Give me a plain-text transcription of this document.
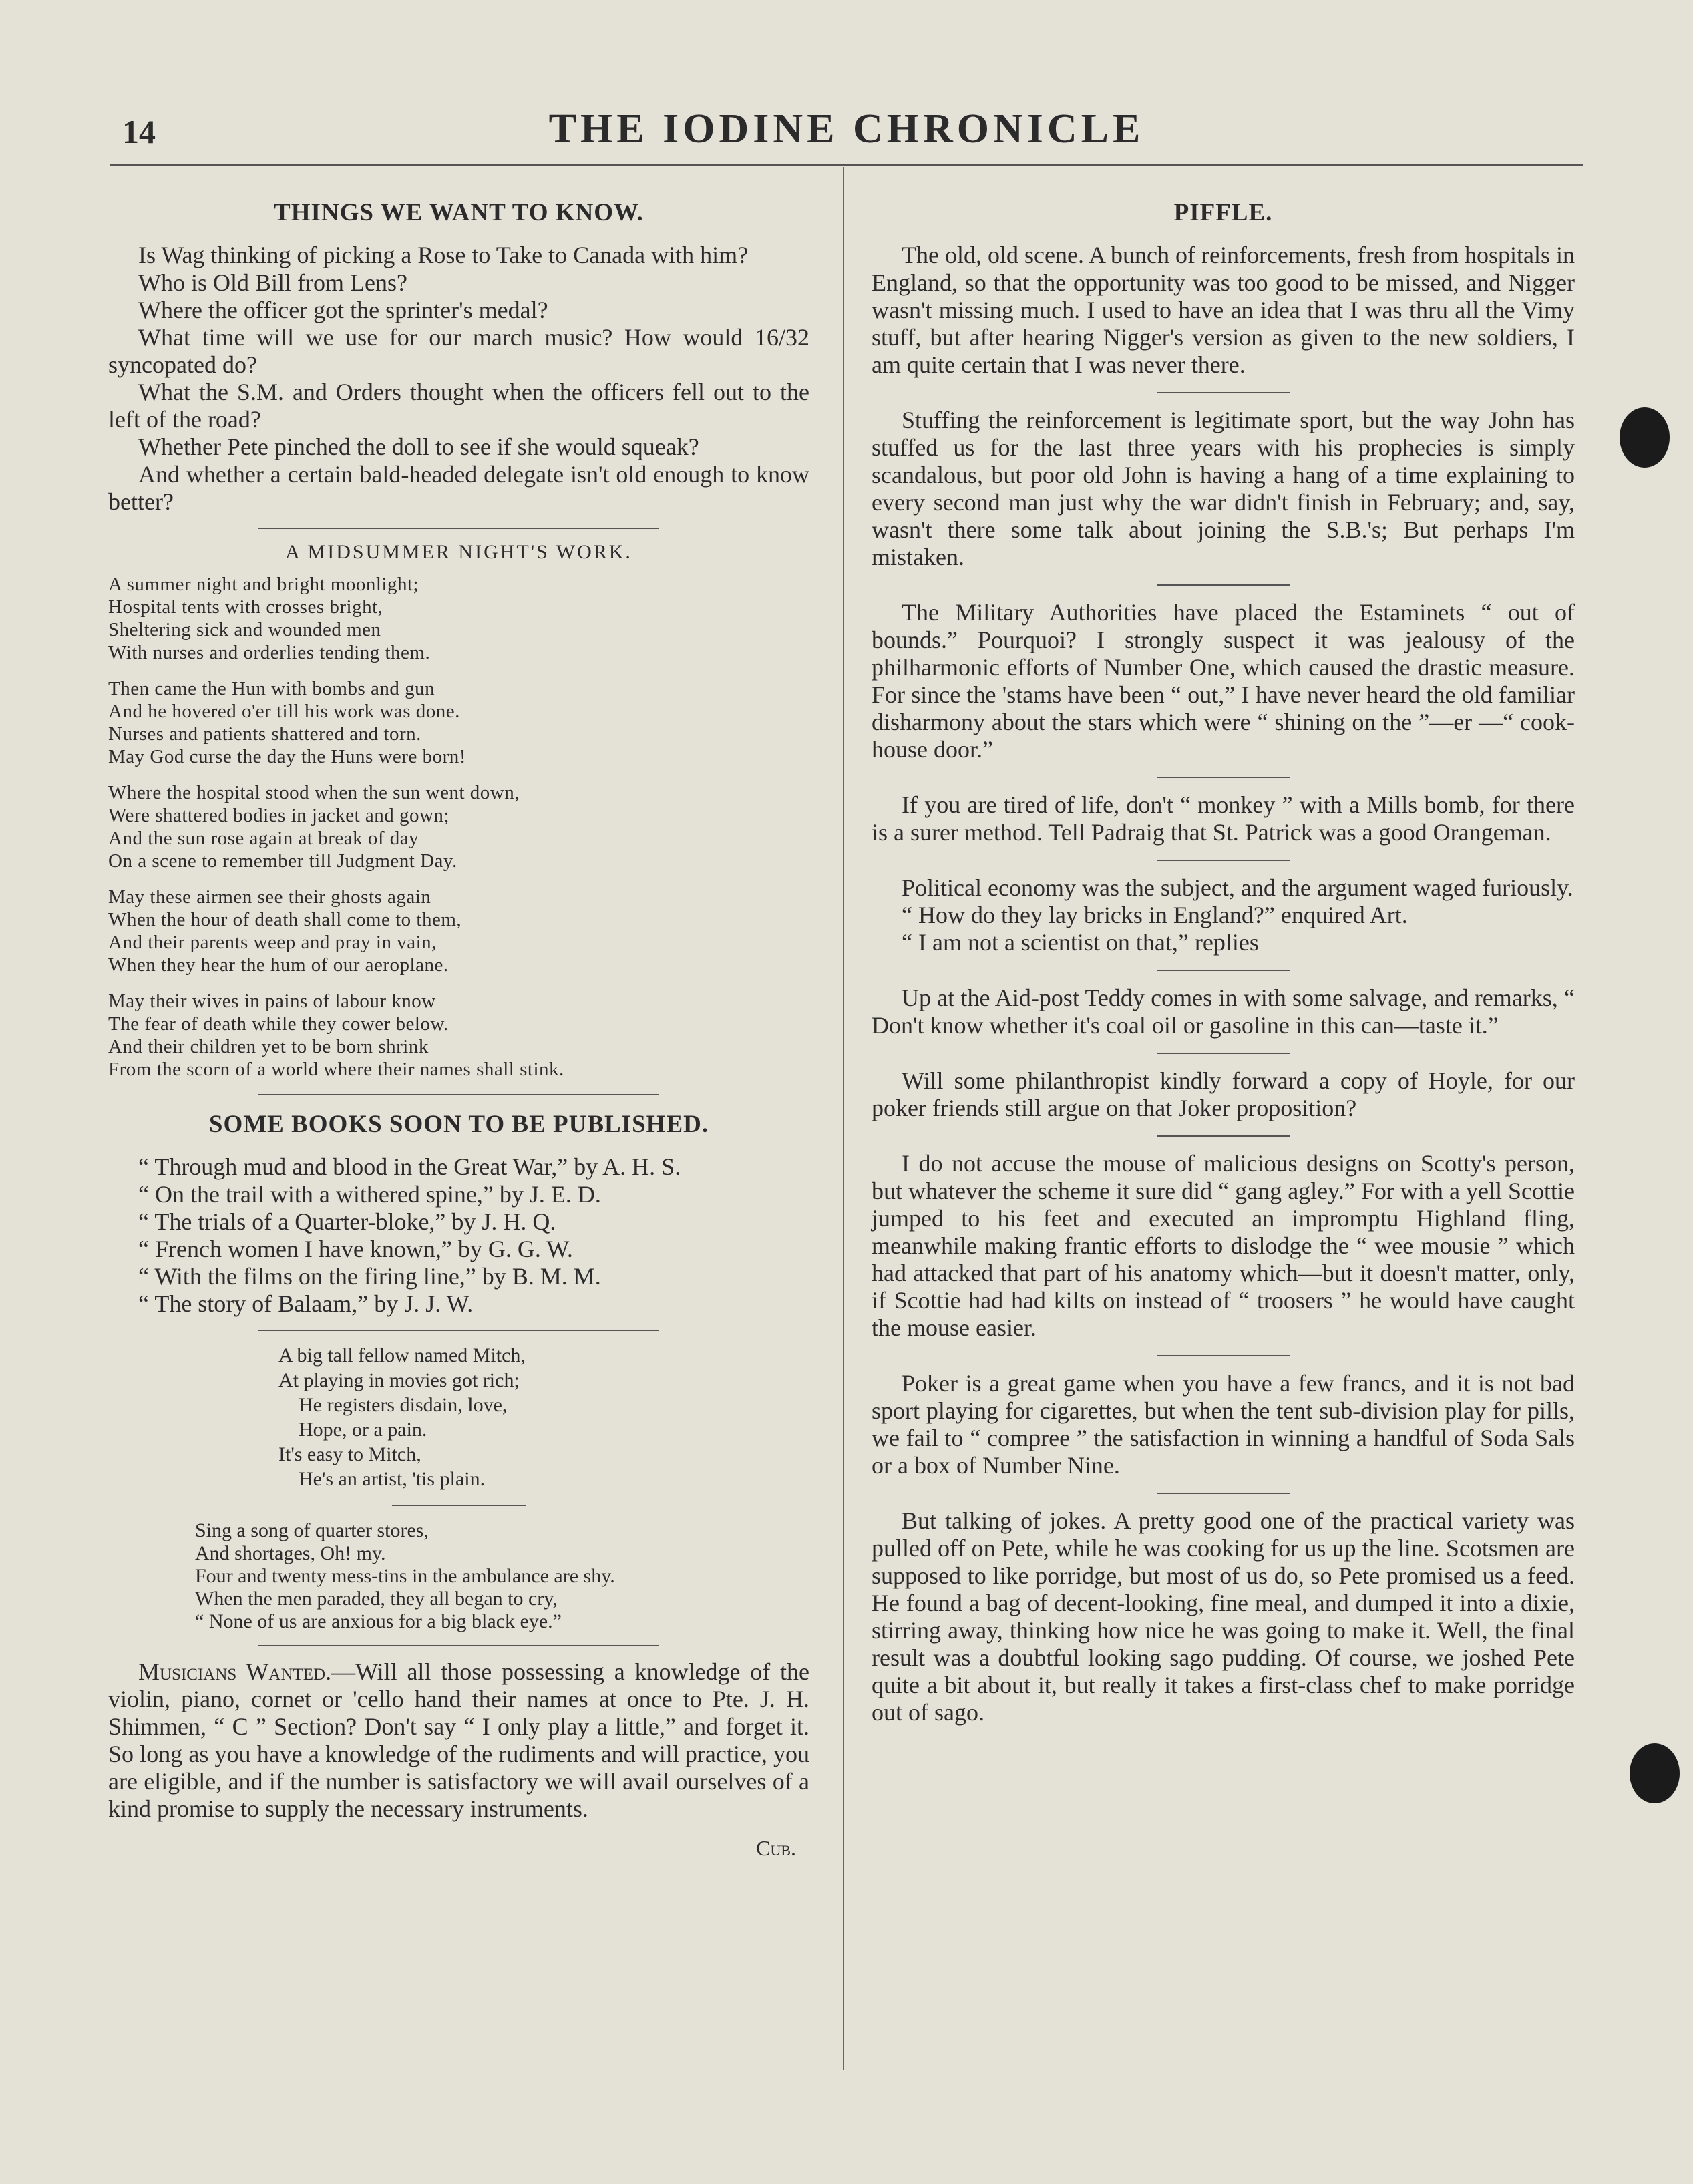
14	THE IODINE CHRONICLE
THINGS WE WANT TO KNOW.

Is Wag thinking of picking a Rose to Take to Canada with him?

Who is Old Bill from Lens?

Where the officer got the sprinter's medal?

What time will we use for our march music? How would 16/32 syncopated do?

What the S.M. and Orders thought when the officers fell out to the left of the road?

Whether Pete pinched the doll to see if she would squeak?

And whether a certain bald-headed delegate isn't old enough to know better?

A MIDSUMMER NIGHT'S WORK.
A summer night and bright moonlight;
Hospital tents with crosses bright,
Sheltering sick and wounded men
With nurses and orderlies tending them.
Then came the Hun with bombs and gun
And he hovered o'er till his work was done.
Nurses and patients shattered and torn.
May God curse the day the Huns were born!
Where the hospital stood when the sun went down,
Were shattered bodies in jacket and gown;
And the sun rose again at break of day
On a scene to remember till Judgment Day.
May these airmen see their ghosts again
When the hour of death shall come to them,
And their parents weep and pray in vain,
When they hear the hum of our aeroplane.
May their wives in pains of labour know
The fear of death while they cower below.
And their children yet to be born shrink
From the scorn of a world where their names shall stink.
SOME BOOKS SOON TO BE PUBLISHED.

“ Through mud and blood in the Great War,” by A. H. S.

“ On the trail with a withered spine,” by J. E. D.

“ The trials of a Quarter-bloke,” by J. H. Q.

“ French women I have known,” by G. G. W.

“ With the films on the firing line,” by B. M. M.

“ The story of Balaam,” by J. J. W.

A big tall fellow named Mitch,
At playing in movies got rich;
He registers disdain, love,
Hope, or a pain.
It's easy to Mitch,
He's an artist, 'tis plain.
Sing a song of quarter stores,
And shortages, Oh! my.
Four and twenty mess-tins in the ambulance are shy.
When the men paraded, they all began to cry,
“ None of us are anxious for a big black eye.”

Musicians Wanted.—Will all those possessing a knowledge of the violin, piano, cornet or 'cello hand their names at once to Pte. J. H. Shimmen, “ C ” Section? Don't say “ I only play a little,” and forget it. So long as you have a knowledge of the rudiments and will practice, you are eligible, and if the number is satisfactory we will avail ourselves of a kind promise to supply the necessary instruments.

Cub.
PIFFLE.

The old, old scene. A bunch of reinforcements, fresh from hospitals in England, so that the opportunity was too good to be missed, and Nigger wasn't missing much. I used to have an idea that I was thru all the Vimy stuff, but after hearing Nigger's version as given to the new soldiers, I am quite certain that I was never there.

Stuffing the reinforcement is legitimate sport, but the way John has stuffed us for the last three years with his prophecies is simply scandalous, but poor old John is having a hang of a time explaining to every second man just why the war didn't finish in February; and, say, wasn't there some talk about joining the S.B.'s; But perhaps I'm mistaken.

The Military Authorities have placed the Estaminets “ out of bounds.” Pourquoi? I strongly suspect it was jealousy of the philharmonic efforts of Number One, which caused the drastic measure. For since the 'stams have been “ out,” I have never heard the old familiar disharmony about the stars which were “ shining on the ”—er —“ cook-house door.”

If you are tired of life, don't “ monkey ” with a Mills bomb, for there is a surer method. Tell Padraig that St. Patrick was a good Orangeman.

Political economy was the subject, and the argument waged furiously.

“ How do they lay bricks in England?” enquired Art.

“ I am not a scientist on that,” replies

Up at the Aid-post Teddy comes in with some salvage, and remarks, “ Don't know whether it's coal oil or gasoline in this can—taste it.”

Will some philanthropist kindly forward a copy of Hoyle, for our poker friends still argue on that Joker proposition?

I do not accuse the mouse of malicious designs on Scotty's person, but whatever the scheme it sure did “ gang agley.” For with a yell Scottie jumped to his feet and executed an impromptu Highland fling, meanwhile making frantic efforts to dislodge the “ wee mousie ” which had attacked that part of his anatomy which—but it doesn't matter, only, if Scottie had had kilts on instead of “ troosers ” he would have caught the mouse easier.

Poker is a great game when you have a few francs, and it is not bad sport playing for cigarettes, but when the tent sub-division play for pills, we fail to “ compree ” the satisfaction in winning a handful of Soda Sals or a box of Number Nine.

But talking of jokes. A pretty good one of the practical variety was pulled off on Pete, while he was cooking for us up the line. Scotsmen are supposed to like porridge, but most of us do, so Pete promised us a feed. He found a bag of decent-looking, fine meal, and dumped it into a dixie, stirring away, thinking how nice he was going to make it. Well, the final result was a doubtful looking sago pudding. Of course, we joshed Pete quite a bit about it, but really it takes a first-class chef to make porridge out of sago.
